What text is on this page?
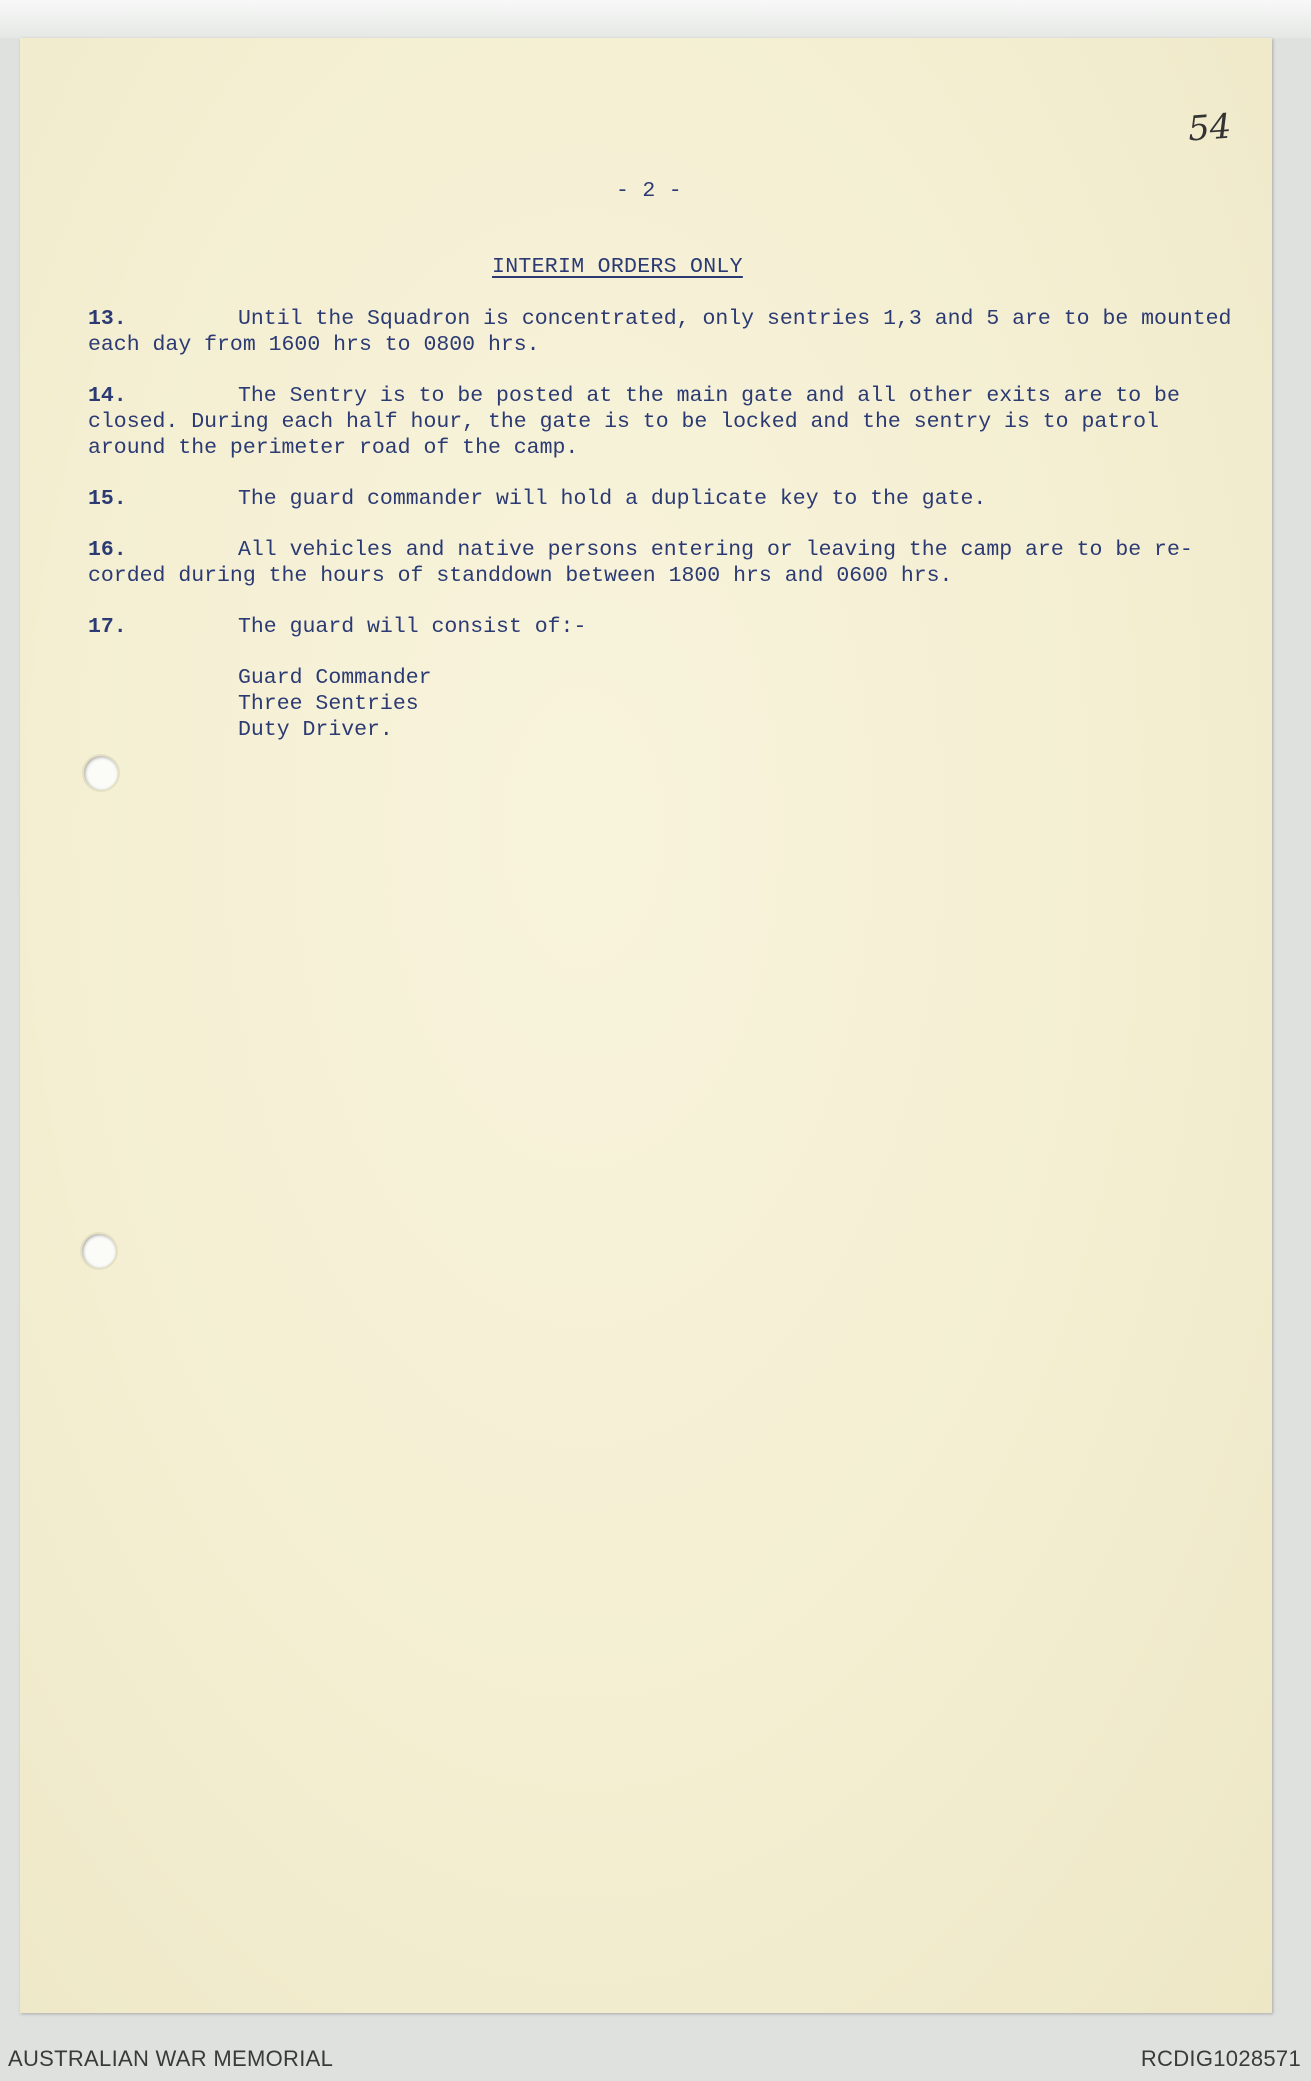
54
- 2 -
INTERIM ORDERS ONLY
13.	Until the Squadron is concentrated, only sentries 1,3 and 5 are to be mounted
each day from 1600 hrs to 0800 hrs.
14.	The Sentry is to be posted at the main gate and all other exits are to be
closed. During each half hour, the gate is to be locked and the sentry is to patrol
around the perimeter road of the camp.
15.	The guard commander will hold a duplicate key to the gate.
16.	All vehicles and native persons entering or leaving the camp are to be re-
corded during the hours of standdown between 1800 hrs and 0600 hrs.
17.	The guard will consist of:-
Guard Commander
Three Sentries
Duty Driver.
AUSTRALIAN WAR MEMORIAL	RCDIG1028571
